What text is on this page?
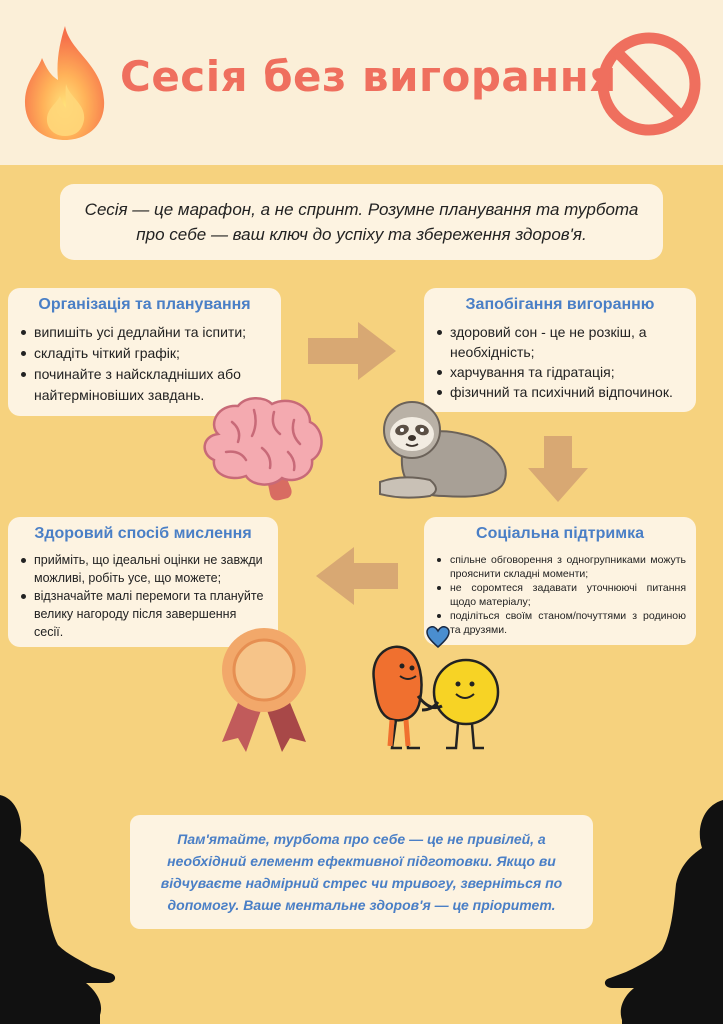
Сесія без вигорання
Сесія — це марафон, а не спринт. Розумне планування та турбота про себе — ваш ключ до успіху та збереження здоров'я.
Організація та планування
випишіть усі дедлайни та іспити;
складіть чіткий графік;
починайте з найскладніших або найтерміновіших завдань.
Запобігання вигоранню
здоровий сон - це не розкіш, а необхідність;
харчування та гідратація;
фізичний та психічний відпочинок.
Здоровий спосіб мислення
прийміть, що ідеальні оцінки не завжди можливі, робіть усе, що можете;
відзначайте малі перемоги та плануйте велику нагороду після завершення сесії.
Соціальна підтримка
спільне обговорення з одногрупниками можуть прояснити складні моменти;
не соромтеся задавати уточнюючі питання щодо матеріалу;
поділіться своїм станом/почуттями з родиною та друзями.
Пам'ятайте, турбота про себе — це не привілей, а необхідний елемент ефективної підготовки. Якщо ви відчуваєте надмірний стрес чи тривогу, зверніться по допомогу. Ваше ментальне здоров'я — це пріоритет.
